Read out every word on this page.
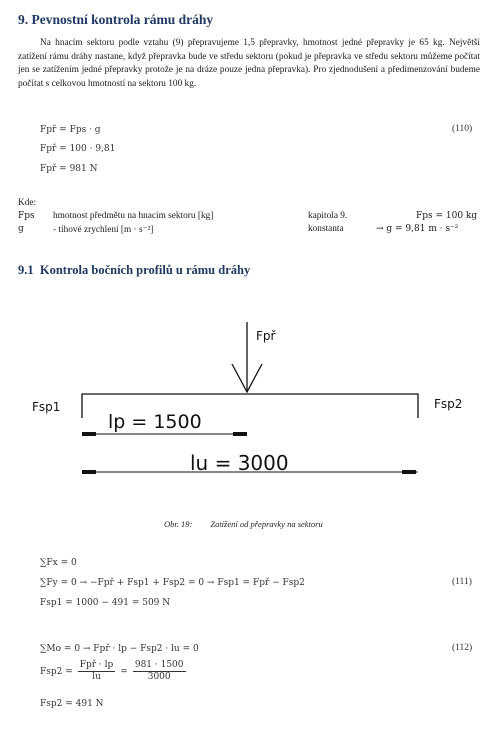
9. Pevnostní kontrola rámu dráhy

Na hnacím sektoru podle vztahu (9) přepravujeme 1,5 přepravky, hmotnost jedné přepravky je 65 kg. Největší zatížení rámu dráhy nastane, když přepravka bude ve středu sektoru (pokud je přepravka ve středu sektoru můžeme počítat jen se zatížením jedné přepravky protože je na dráze pouze jedna přepravka). Pro zjednodušení a předimenzování budeme počítat s celkovou hmotností na sektoru 100 kg.

Fpř = Fps · g
Fpř = 100 · 9,81
Fpř = 981 N
(110)
Kde:
Fps hmotnost předmětu na hnacím sektoru [kg]	kapitola 9.	Fps = 100 kg
g	- tíhové zrychlení [m · s⁻²]	konstanta	→ g = 9,81 m · s⁻²
9.1 Kontrola bočních profilů u rámu dráhy
Fpř
Fsp1	Fsp2
lp = 1500
lu = 3000
Obr. 19: Zatížení od přepravky na sektoru
∑Fx = 0
∑Fy = 0 → −Fpř + Fsp1 + Fsp2 = 0 → Fsp1 = Fpř − Fsp2
Fsp1 = 1000 − 491 = 509 N
(111)
∑Mo = 0 → Fpř · lp − Fsp2 · lu = 0	(112)
$Fsp2 = \frac{\text{Fpř · lp}}{lu} = \frac{981 \cdot 1500}{3000}$
Fsp2 = 491 N
